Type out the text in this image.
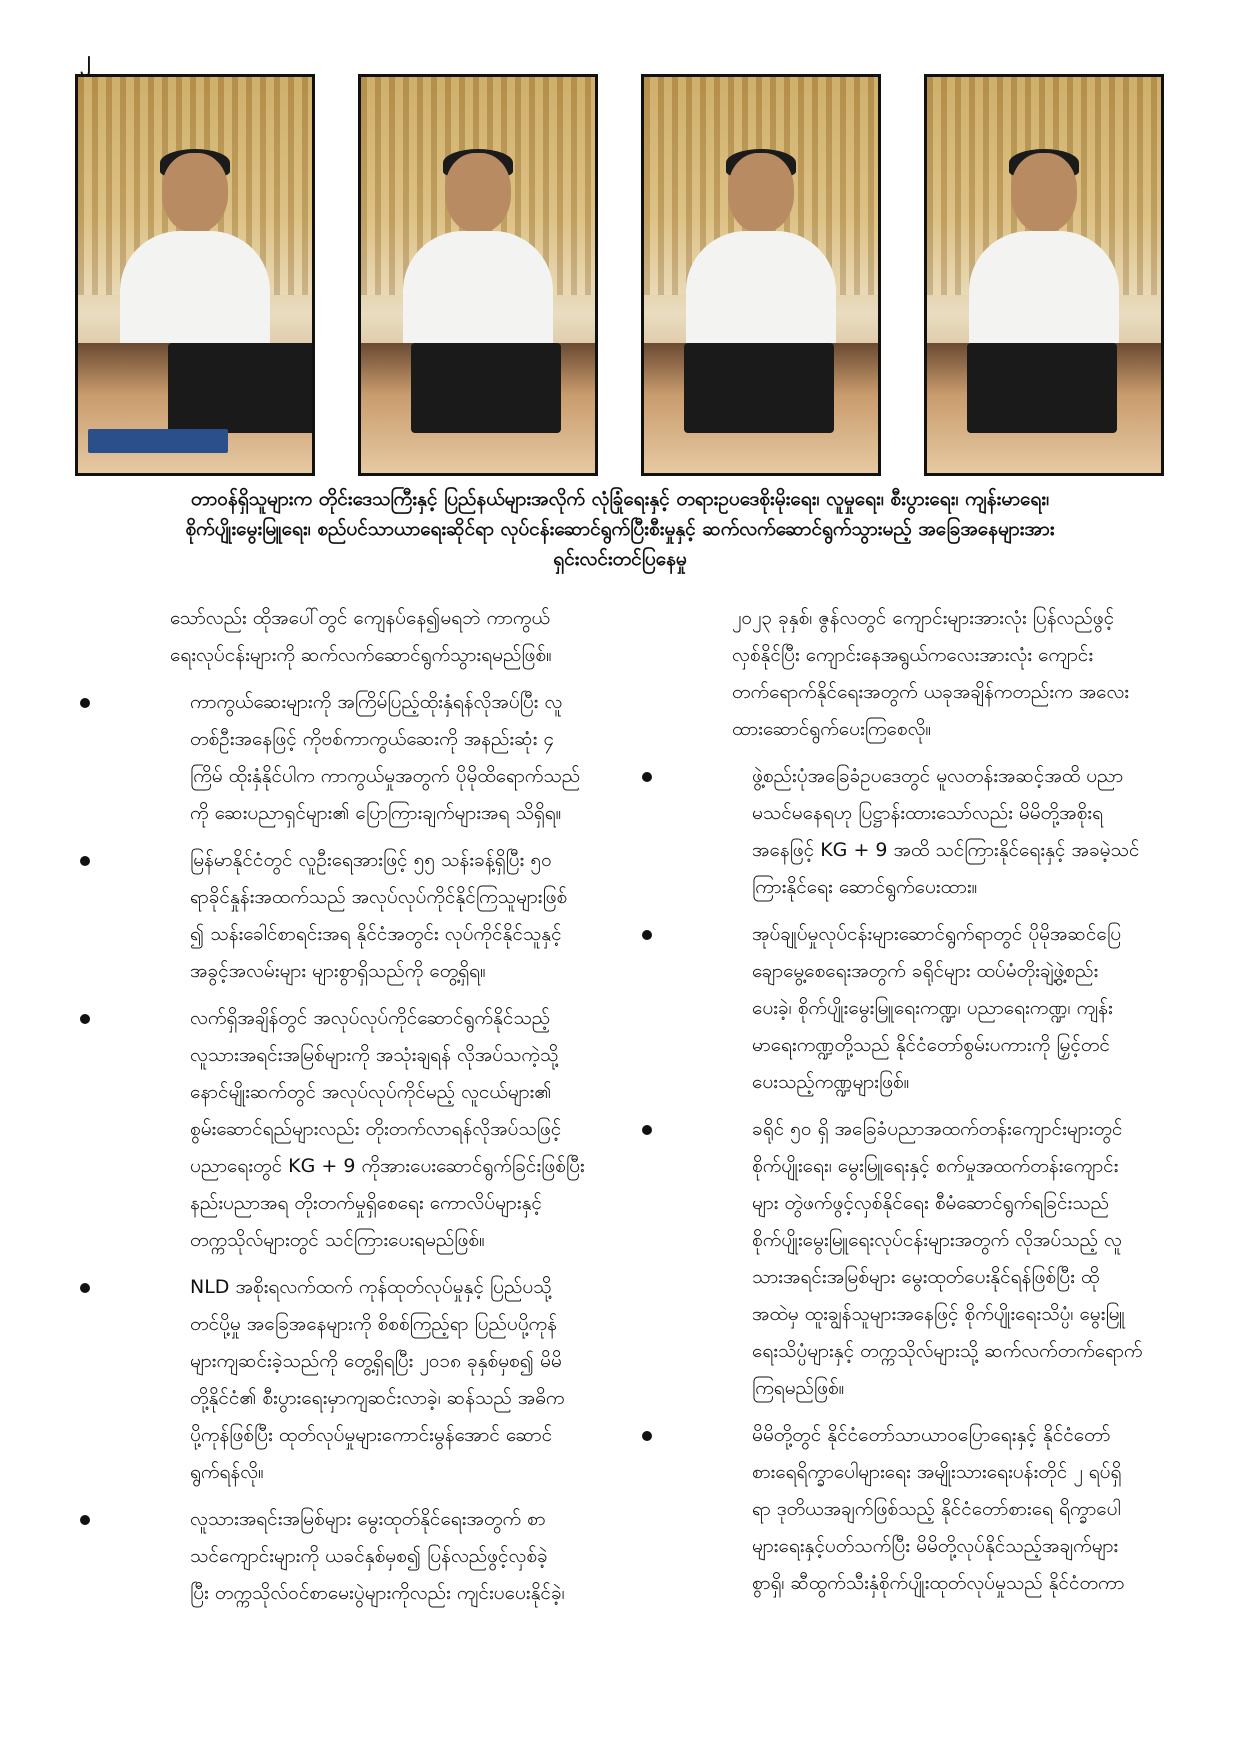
၂
တာဝန်ရှိသူများက တိုင်းဒေသကြီးနှင့် ပြည်နယ်များအလိုက် လုံခြုံရေးနှင့် တရားဥပဒေစိုးမိုးရေး၊ လူမှုရေး၊ စီးပွားရေး၊ ကျန်းမာရေး၊
စိုက်ပျိုးမွေးမြူရေး၊ စည်ပင်သာယာရေးဆိုင်ရာ လုပ်ငန်းဆောင်ရွက်ပြီးစီးမှုနှင့် ဆက်လက်ဆောင်ရွက်သွားမည့် အခြေအနေများအား
ရှင်းလင်းတင်ပြနေမှု
သော်လည်း ထိုအပေါ်တွင် ကျေနပ်နေ၍မရဘဲ ကာကွယ်
ရေးလုပ်ငန်းများကို ဆက်လက်ဆောင်ရွက်သွားရမည်ဖြစ်။
ကာကွယ်ဆေးများကို အကြိမ်ပြည့်ထိုးနှံရန်လိုအပ်ပြီး လူ
တစ်ဦးအနေဖြင့် ကိုဗစ်ကာကွယ်ဆေးကို အနည်းဆုံး ၄
ကြိမ် ထိုးနှံနိုင်ပါက ကာကွယ်မှုအတွက် ပိုမိုထိရောက်သည်
ကို ဆေးပညာရှင်များ၏ ပြောကြားချက်များအရ သိရှိရ။
မြန်မာနိုင်ငံတွင် လူဦးရေအားဖြင့် ၅၅ သန်းခန့်ရှိပြီး ၅၀
ရာခိုင်နှုန်းအထက်သည် အလုပ်လုပ်ကိုင်နိုင်ကြသူများဖြစ်
၍ သန်းခေါင်စာရင်းအရ နိုင်ငံအတွင်း လုပ်ကိုင်နိုင်သူနှင့်
အခွင့်အလမ်းများ များစွာရှိသည်ကို တွေ့ရှိရ။
လက်ရှိအချိန်တွင် အလုပ်လုပ်ကိုင်ဆောင်ရွက်နိုင်သည့်
လူသားအရင်းအမြစ်များကို အသုံးချရန် လိုအပ်သကဲ့သို့
နောင်မျိုးဆက်တွင် အလုပ်လုပ်ကိုင်မည့် လူငယ်များ၏
စွမ်းဆောင်ရည်များလည်း တိုးတက်လာရန်လိုအပ်သဖြင့်
ပညာရေးတွင် KG + 9 ကိုအားပေးဆောင်ရွက်ခြင်းဖြစ်ပြီး
နည်းပညာအရ တိုးတက်မှုရှိစေရေး ကောလိပ်များနှင့်
တက္ကသိုလ်များတွင် သင်ကြားပေးရမည်ဖြစ်။
NLD အစိုးရလက်ထက် ကုန်ထုတ်လုပ်မှုနှင့် ပြည်ပသို့
တင်ပို့မှု အခြေအနေများကို စိစစ်ကြည့်ရာ ပြည်ပပို့ကုန်
များကျဆင်းခဲ့သည်ကို တွေ့ရှိရပြီး ၂၀၁၈ ခုနှစ်မှစ၍ မိမိ
တို့နိုင်ငံ၏ စီးပွားရေးမှာကျဆင်းလာခဲ့၊ ဆန်သည် အဓိက
ပို့ကုန်ဖြစ်ပြီး ထုတ်လုပ်မှုများကောင်းမွန်အောင် ဆောင်
ရွက်ရန်လို။
လူသားအရင်းအမြစ်များ မွေးထုတ်နိုင်ရေးအတွက် စာ
သင်ကျောင်းများကို ယခင်နှစ်မှစ၍ ပြန်လည်ဖွင့်လှစ်ခဲ့
ပြီး တက္ကသိုလ်ဝင်စာမေးပွဲများကိုလည်း ကျင်းပပေးနိုင်ခဲ့၊
၂၀၂၃ ခုနှစ်၊ ဇွန်လတွင် ကျောင်းများအားလုံး ပြန်လည်ဖွင့်
လှစ်နိုင်ပြီး ကျောင်းနေအရွယ်ကလေးအားလုံး ကျောင်း
တက်ရောက်နိုင်ရေးအတွက် ယခုအချိန်ကတည်းက အလေး
ထားဆောင်ရွက်ပေးကြစေလို။
ဖွဲ့စည်းပုံအခြေခံဥပဒေတွင် မူလတန်းအဆင့်အထိ ပညာ
မသင်မနေရဟု ပြဋ္ဌာန်းထားသော်လည်း မိမိတို့အစိုးရ
အနေဖြင့် KG + 9 အထိ သင်ကြားနိုင်ရေးနှင့် အခမဲ့သင်
ကြားနိုင်ရေး ဆောင်ရွက်ပေးထား။
အုပ်ချုပ်မှုလုပ်ငန်းများဆောင်ရွက်ရာတွင် ပိုမိုအဆင်ပြေ
ချောမွေ့စေရေးအတွက် ခရိုင်များ ထပ်မံတိုးချဲ့ဖွဲ့စည်း
ပေးခဲ့၊ စိုက်ပျိုးမွေးမြူရေးကဏ္ဍ၊ ပညာရေးကဏ္ဍ၊ ကျန်း
မာရေးကဏ္ဍတို့သည် နိုင်ငံတော်စွမ်းပကားကို မြှင့်တင်
ပေးသည့်ကဏ္ဍများဖြစ်။
ခရိုင် ၅၀ ရှိ အခြေခံပညာအထက်တန်းကျောင်းများတွင်
စိုက်ပျိုးရေး၊ မွေးမြူရေးနှင့် စက်မှုအထက်တန်းကျောင်း
များ တွဲဖက်ဖွင့်လှစ်နိုင်ရေး စီမံဆောင်ရွက်ရခြင်းသည်
စိုက်ပျိုးမွေးမြူရေးလုပ်ငန်းများအတွက် လိုအပ်သည့် လူ
သားအရင်းအမြစ်များ မွေးထုတ်ပေးနိုင်ရန်ဖြစ်ပြီး ထို
အထဲမှ ထူးချွန်သူများအနေဖြင့် စိုက်ပျိုးရေးသိပ္ပံ၊ မွေးမြူ
ရေးသိပ္ပံများနှင့် တက္ကသိုလ်များသို့ ဆက်လက်တက်ရောက်
ကြရမည်ဖြစ်။
မိမိတို့တွင် နိုင်ငံတော်သာယာဝပြောရေးနှင့် နိုင်ငံတော်
စားရေရိက္ခာပေါများရေး အမျိုးသားရေးပန်းတိုင် ၂ ရပ်ရှိ
ရာ ဒုတိယအချက်ဖြစ်သည့် နိုင်ငံတော်စားရေ ရိက္ခာပေါ
များရေးနှင့်ပတ်သက်ပြီး မိမိတို့လုပ်နိုင်သည့်အချက်များ
စွာရှိ၊ ဆီထွက်သီးနှံစိုက်ပျိုးထုတ်လုပ်မှုသည် နိုင်ငံတကာ
